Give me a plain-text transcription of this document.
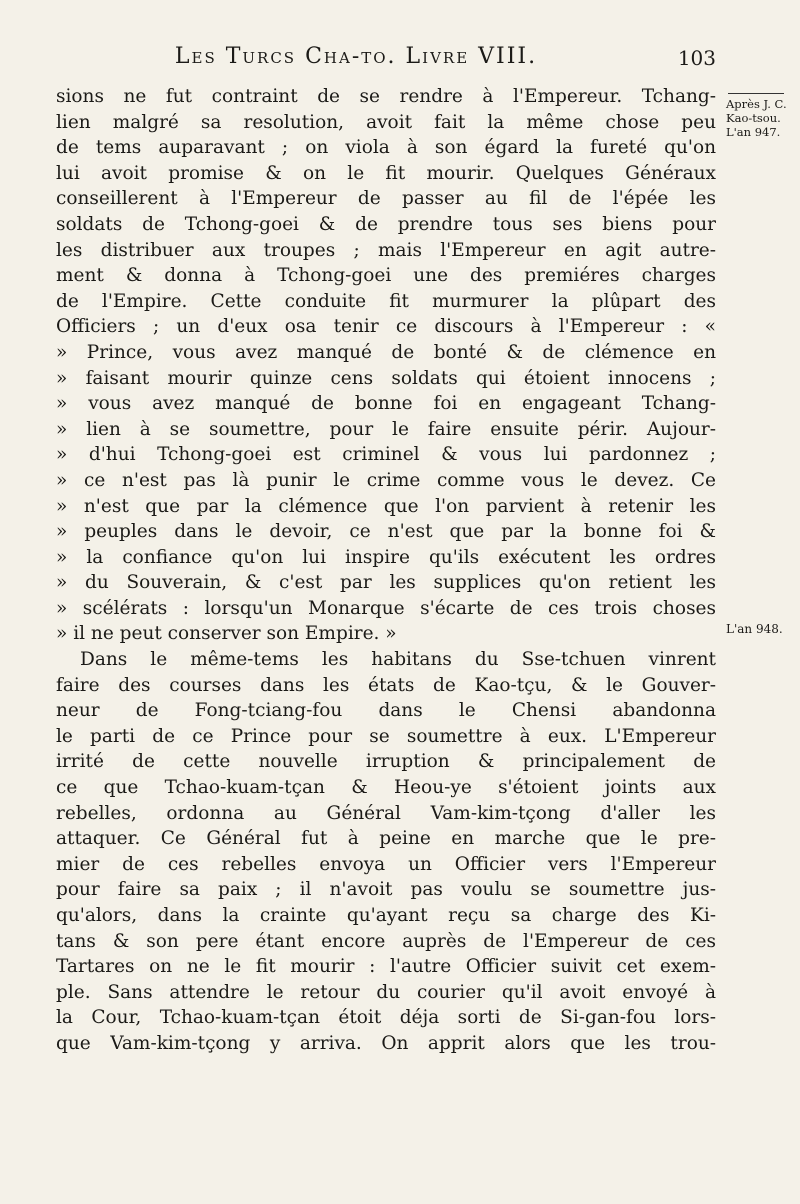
Les Turcs Cha-to. Livre VIII.	103
sions ne fut contraint de se rendre à l'Empereur. Tchang-
lien malgré sa resolution, avoit fait la même chose peu
de tems auparavant ; on viola à son égard la fureté qu'on
lui avoit promise & on le fit mourir. Quelques Généraux
conseillerent à l'Empereur de passer au fil de l'épée les
soldats de Tchong-goei & de prendre tous ses biens pour
les distribuer aux troupes ; mais l'Empereur en agit autre-
ment & donna à Tchong-goei une des premiéres charges
de l'Empire. Cette conduite fit murmurer la plûpart des
Officiers ; un d'eux osa tenir ce discours à l'Empereur : «
» Prince, vous avez manqué de bonté & de clémence en
» faisant mourir quinze cens soldats qui étoient innocens ;
» vous avez manqué de bonne foi en engageant Tchang-
» lien à se soumettre, pour le faire ensuite périr. Aujour-
» d'hui Tchong-goei est criminel & vous lui pardonnez ;
» ce n'est pas là punir le crime comme vous le devez. Ce
» n'est que par la clémence que l'on parvient à retenir les
» peuples dans le devoir, ce n'est que par la bonne foi &
» la confiance qu'on lui inspire qu'ils exécutent les ordres
» du Souverain, & c'est par les supplices qu'on retient les
» scélérats : lorsqu'un Monarque s'écarte de ces trois choses
» il ne peut conserver son Empire. »
Dans le même-tems les habitans du Sse-tchuen vinrent
faire des courses dans les états de Kao-tçu, & le Gouver-
neur de Fong-tciang-fou dans le Chensi abandonna
le parti de ce Prince pour se soumettre à eux. L'Empereur
irrité de cette nouvelle irruption & principalement de
ce que Tchao-kuam-tçan & Heou-ye s'étoient joints aux
rebelles, ordonna au Général Vam-kim-tçong d'aller les
attaquer. Ce Général fut à peine en marche que le pre-
mier de ces rebelles envoya un Officier vers l'Empereur
pour faire sa paix ; il n'avoit pas voulu se soumettre jus-
qu'alors, dans la crainte qu'ayant reçu sa charge des Ki-
tans & son pere étant encore auprès de l'Empereur de ces
Tartares on ne le fit mourir : l'autre Officier suivit cet exem-
ple. Sans attendre le retour du courier qu'il avoit envoyé à
la Cour, Tchao-kuam-tçan étoit déja sorti de Si-gan-fou lors-
que Vam-kim-tçong y arriva. On apprit alors que les trou-
Après J. C.
Kao-tsou.
L'an 947.
L'an 948.
